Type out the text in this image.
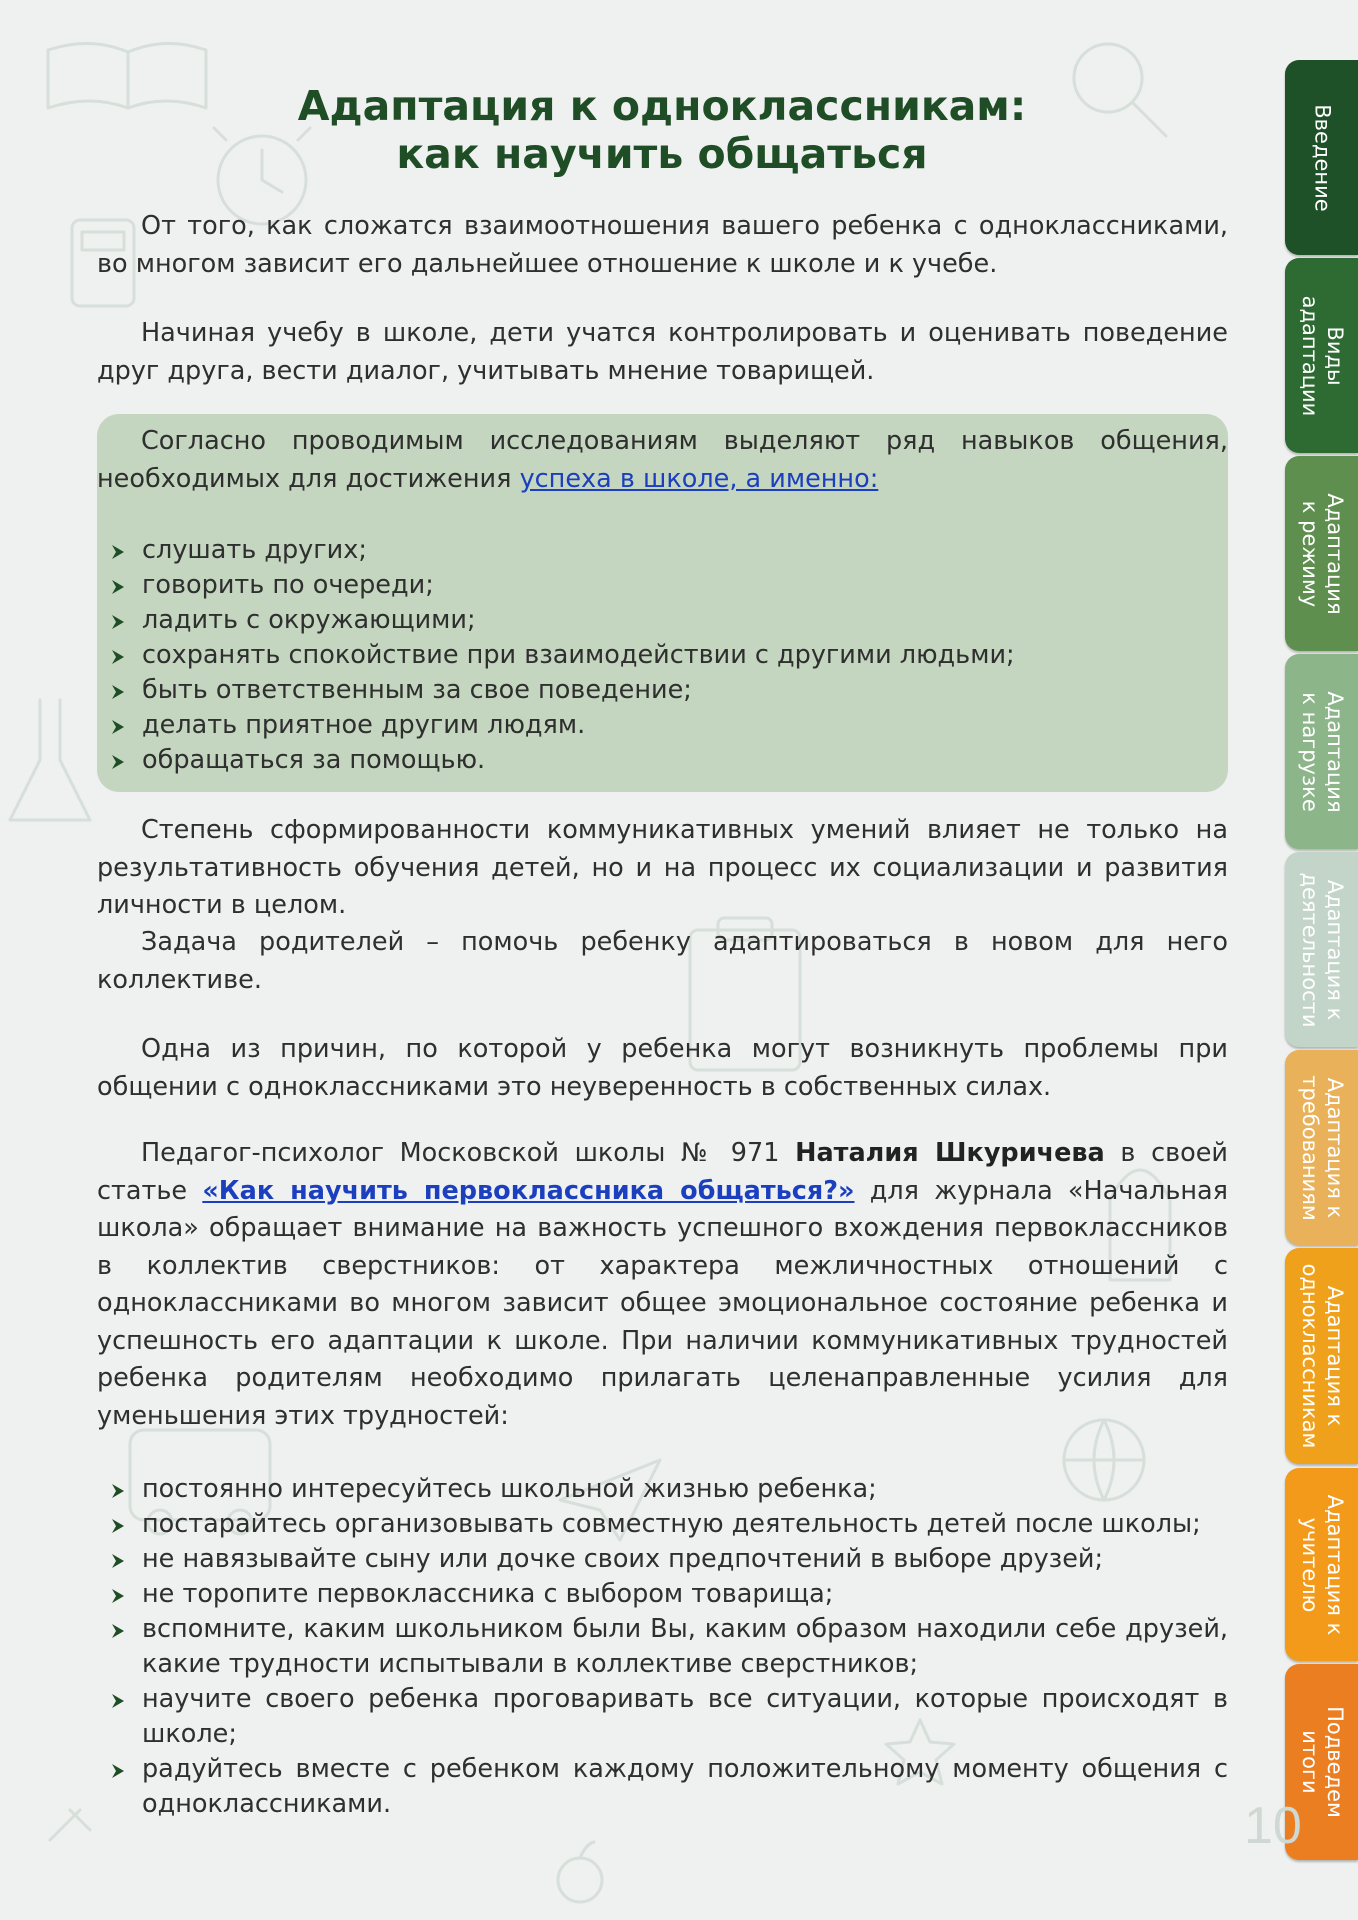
Адаптация к одноклассникам:
как научить общаться

От того, как сложатся взаимоотношения вашего ребенка с одноклассниками, во многом зависит его дальнейшее отношение к школе и к учебе.

Начиная учебу в школе, дети учатся контролировать и оценивать поведение друг друга, вести диалог, учитывать мнение товарищей.

Согласно проводимым исследованиям выделяют ряд навыков общения, необходимых для достижения успеха в школе, а именно:

слушать других;
говорить по очереди;
ладить с окружающими;
сохранять спокойствие при взаимодействии с другими людьми;
быть ответственным за свое поведение;
делать приятное другим людям.
обращаться за помощью.

Степень сформированности коммуникативных умений влияет не только на результативность обучения детей, но и на процесс их социализации и развития личности в целом.

Задача родителей – помочь ребенку адаптироваться в новом для него коллективе.

Одна из причин, по которой у ребенка могут возникнуть проблемы при общении с одноклассниками это неуверенность в собственных силах.

Педагог-психолог Московской школы № 971 Наталия Шкуричева в своей статье «Как научить первоклассника общаться?» для журнала «Начальная школа» обращает внимание на важность успешного вхождения первоклассников в коллектив сверстников: от характера межличностных отношений с одноклассниками во многом зависит общее эмоциональное состояние ребенка и успешность его адаптации к школе. При наличии коммуникативных трудностей ребенка родителям необходимо прилагать целенаправленные усилия для уменьшения этих трудностей:

постоянно интересуйтесь школьной жизнью ребенка;
постарайтесь организовывать совместную деятельность детей после школы;
не навязывайте сыну или дочке своих предпочтений в выборе друзей;
не торопите первоклассника с выбором товарища;
вспомните, каким школьником были Вы, каким образом находили себе друзей, какие трудности испытывали в коллективе сверстников;
научите своего ребенка проговаривать все ситуации, которые происходят в школе;
радуйтесь вместе с ребенком каждому положительному моменту общения с одноклассниками.
Введение
Виды
адаптации
Адаптация
к режиму
Адаптация
к нагрузке
Адаптация к
деятельности
Адаптация к
требованиям
Адаптация к
одноклассникам
Адаптация к
учителю
Подведем
итоги
10
